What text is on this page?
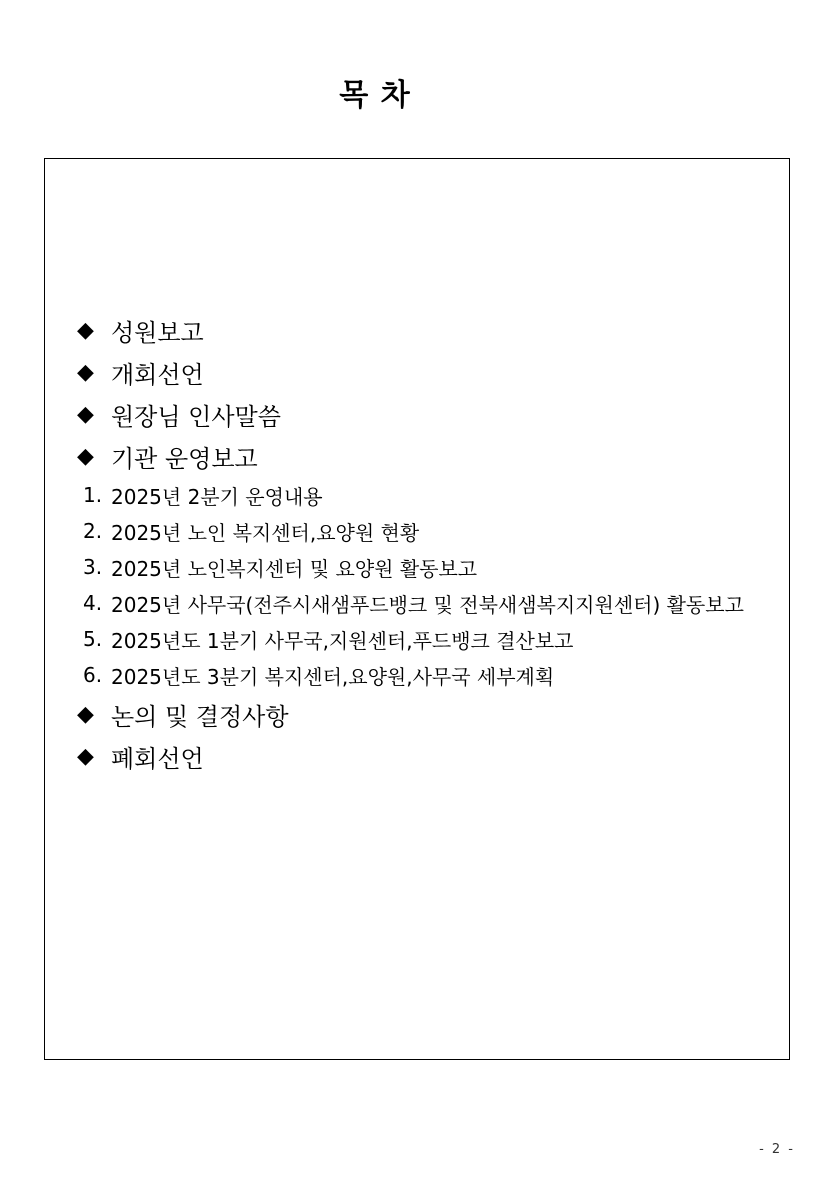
목 차
◆ 성원보고
◆ 개회선언
◆ 원장님 인사말씀
◆ 기관 운영보고
1. 2025년 2분기 운영내용
2. 2025년 노인 복지센터,요양원 현황
3. 2025년 노인복지센터 및 요양원 활동보고
4. 2025년 사무국(전주시새샘푸드뱅크 및 전북새샘복지지원센터) 활동보고
5. 2025년도 1분기 사무국,지원센터,푸드뱅크 결산보고
6. 2025년도 3분기 복지센터,요양원,사무국 세부계획
◆ 논의 및 결정사항
◆ 폐회선언
- 2 -
